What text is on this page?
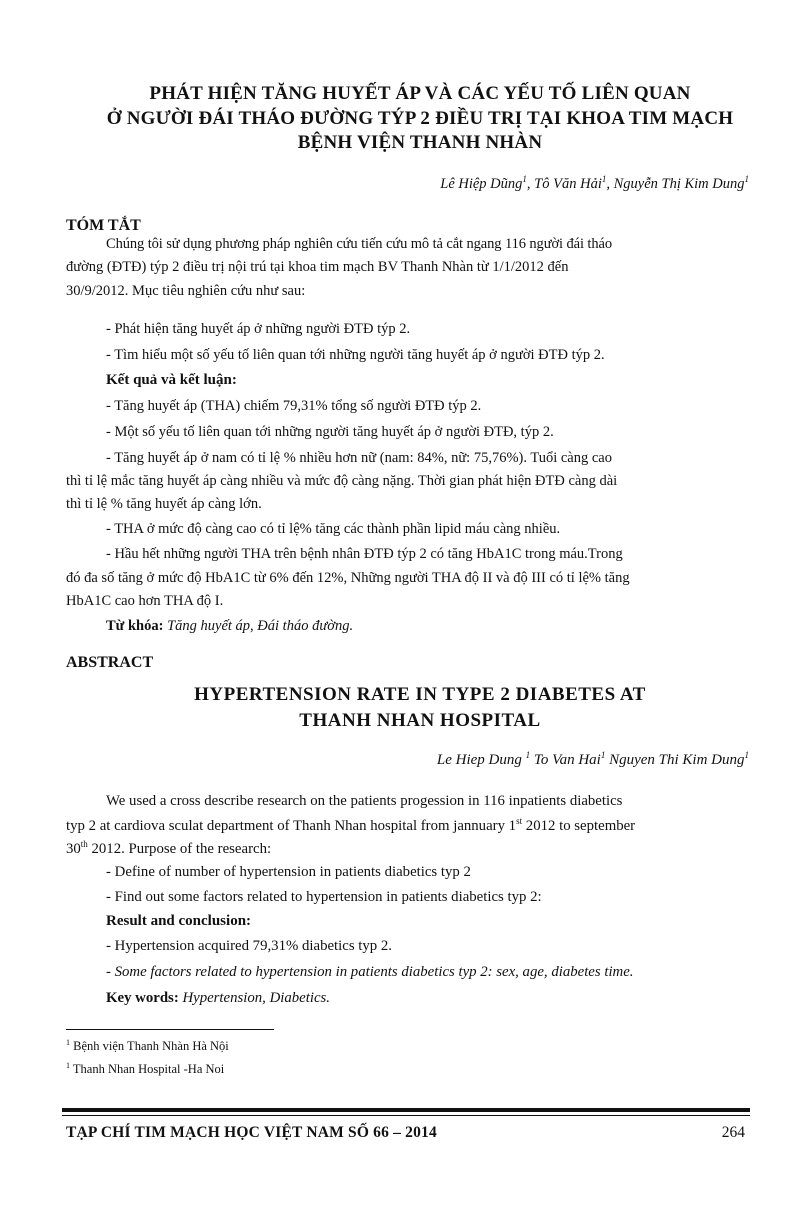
PHÁT HIỆN TĂNG HUYẾT ÁP VÀ CÁC YẾU TỐ LIÊN QUAN
Ở NGƯỜI ĐÁI THÁO ĐƯỜNG TÝP 2 ĐIỀU TRỊ TẠI KHOA TIM MẠCH
BỆNH VIỆN THANH NHÀN
Lê Hiệp Dũng$^1$, Tô Văn Hải$^1$, Nguyễn Thị Kim Dung$^1$
TÓM TẮT
Chúng tôi sử dụng phương pháp nghiên cứu tiến cứu mô tả cắt ngang 116 người đái tháo
đường (ĐTĐ) týp 2 điều trị nội trú tại khoa tim mạch BV Thanh Nhàn từ 1/1/2012 đến
30/9/2012. Mục tiêu nghiên cứu như sau:
- Phát hiện tăng huyết áp ở những người ĐTĐ týp 2.
- Tìm hiểu một số yếu tố liên quan tới những người tăng huyết áp ở người ĐTĐ týp 2.
Kết quả và kết luận:
- Tăng huyết áp (THA) chiếm 79,31% tổng số người ĐTĐ týp 2.
- Một số yếu tố liên quan tới những người tăng huyết áp ở người ĐTĐ, týp 2.
- Tăng huyết áp ở nam có tỉ lệ % nhiều hơn nữ (nam: 84%, nữ: 75,76%). Tuổi càng cao
thì tỉ lệ mắc tăng huyết áp càng nhiều và mức độ càng nặng. Thời gian phát hiện ĐTĐ càng dài
thì tỉ lệ % tăng huyết áp càng lớn.
- THA ở mức độ càng cao có tỉ lệ% tăng các thành phần lipid máu càng nhiều.
- Hầu hết những người THA trên bệnh nhân ĐTĐ týp 2 có tăng HbA1C trong máu.Trong
đó đa số tăng ở mức độ HbA1C từ 6% đến 12%, Những người THA độ II và độ III có tỉ lệ% tăng
HbA1C cao hơn THA độ I.
Từ khóa: Tăng huyết áp, Đái tháo đường.
ABSTRACT
HYPERTENSION RATE IN TYPE 2 DIABETES AT
THANH NHAN HOSPITAL
Le Hiep Dung $^1$ To Van Hai$^1$ Nguyen Thi Kim Dung$^1$
We used a cross describe research on the patients progession in 116 inpatients diabetics
typ 2 at cardiova sculat department of Thanh Nhan hospital from jannuary 1st 2012 to september
30th 2012. Purpose of the research:
- Define of number of hypertension in patients diabetics typ 2
- Find out some factors related to hypertension in patients diabetics typ 2:
Result and conclusion:
- Hypertension acquired 79,31% diabetics typ 2.
- Some factors related to hypertension in patients diabetics typ 2: sex, age, diabetes time.
Key words: Hypertension, Diabetics.
$^1$ Bệnh viện Thanh Nhàn Hà Nội
$^1$ Thanh Nhan Hospital -Ha Noi
TẠP CHÍ TIM MẠCH HỌC VIỆT NAM SỐ 66 – 2014	264
